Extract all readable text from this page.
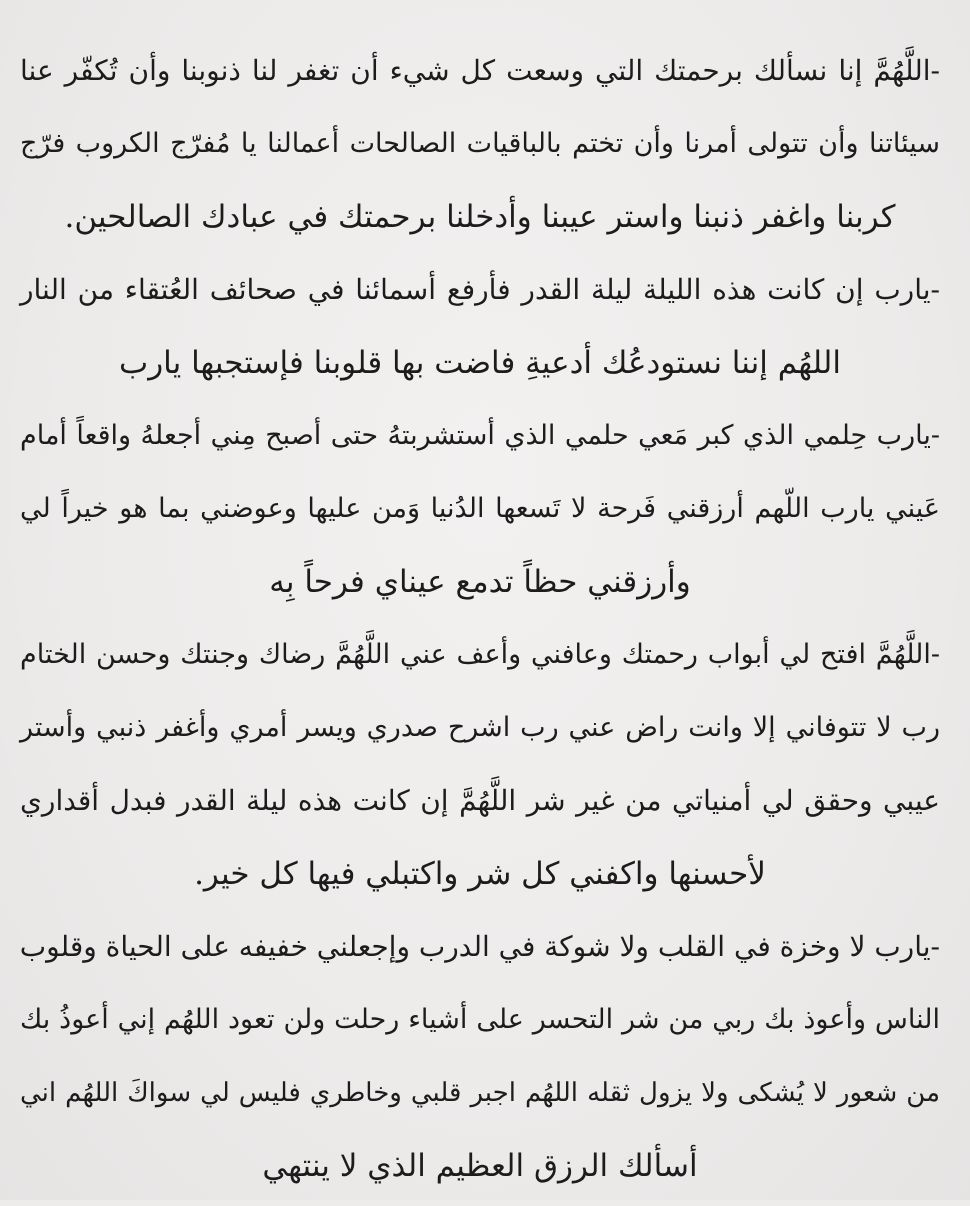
-اللَّهُمَّ إنا نسألك برحمتك التي وسعت كل شيء أن تغفر لنا ذنوبنا وأن تُكفّر عنا
سيئاتنا وأن تتولى أمرنا وأن تختم بالباقيات الصالحات أعمالنا يا مُفرّج الكروب فرّج
كربنا واغفر ذنبنا واستر عيبنا وأدخلنا برحمتك في عبادك الصالحين.
-يارب إن كانت هذه الليلة ليلة القدر فأرفع أسمائنا في صحائف العُتقاء من النار
اللهُم إننا نستودعُك أدعيةِ فاضت بها قلوبنا فإستجبها يارب
-يارب حِلمي الذي كبر مَعي حلمي الذي أستشربتهُ حتى أصبح مِني أجعلهُ واقعاً أمام
عَيني يارب اللّهم أرزقني فَرحة لا تَسعها الدُنيا وَمن عليها وعوضني بما هو خيراً لي
وأرزقني حظاً تدمع عيناي فرحاً بِه
-اللَّهُمَّ افتح لي أبواب رحمتك وعافني وأعف عني اللَّهُمَّ رضاك وجنتك وحسن الختام
رب لا تتوفاني إلا وانت راض عني رب اشرح صدري ويسر أمري وأغفر ذنبي وأستر
عيبي وحقق لي أمنياتي من غير شر اللَّهُمَّ إن كانت هذه ليلة القدر فبدل أقداري
لأحسنها واكفني كل شر واكتبلي فيها كل خير.
-يارب لا وخزة في القلب ولا شوكة في الدرب وإجعلني خفيفه على الحياة وقلوب
الناس وأعوذ بك ربي من شر التحسر على أشياء رحلت ولن تعود اللهُم إني أعوذُ بك
من شعور لا يُشكى ولا يزول ثقله اللهُم اجبر قلبي وخاطري فليس لي سواكَ اللهُم اني
أسألك الرزق العظيم الذي لا ينتهي
